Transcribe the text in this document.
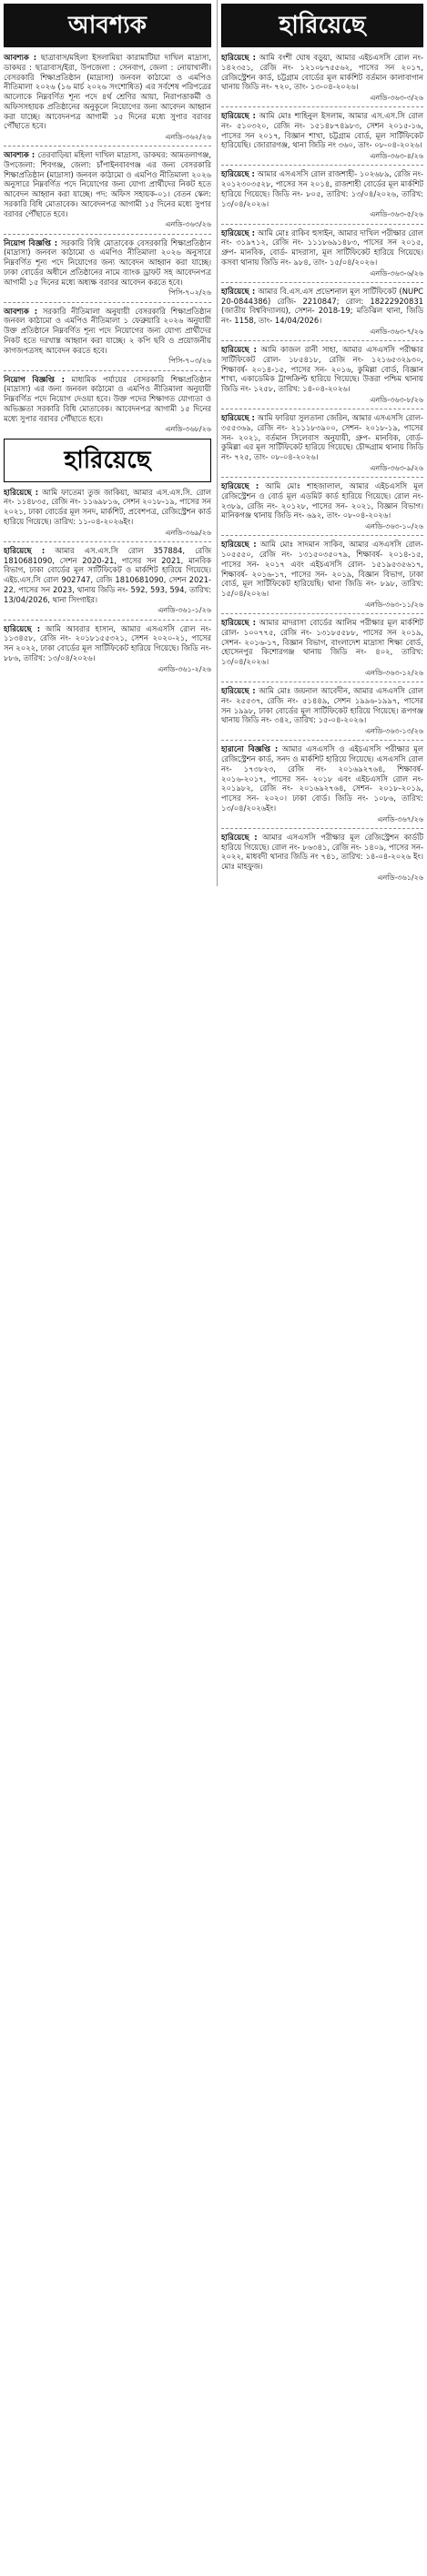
আবশ্যক
আবশ্যক : ছাত্রাবাস/মহিলা ইসলামিয়া কারামাটিয়া দাখিল মাদ্রাসা, ডাকঘর : ছাত্রাবাস/ইরা, উপজেলা : সেনবাগ, জেলা : নোয়াখালী। বেসরকারি শিক্ষাপ্রতিষ্ঠান (মাদ্রাসা) জনবল কাঠামো ও এমপিও নীতিমালা ২০২৬ (১৬ মার্চ ২০২৬ সংশোধিত) এর সর্বশেষ পরিপত্রের আলোকে নিম্নবর্ণিত শূন্য পদে ৪র্থ শ্রেণির আয়া, নিরাপত্তাকর্মী ও অফিসসহায়ক প্রতিষ্ঠানের অনুকূলে নিয়োগের জন্য আবেদন আহ্বান করা যাচ্ছে। আবেদনপত্র আগামী ১৫ দিনের মধ্যে সুপার বরাবর পৌঁছাতে হবে।
এনডি-৩৬২/২৬
আবশ্যক : তেরবাড়িয়া মহিলা দাখিল মাদ্রাসা, ডাকঘর: আমতলাগঞ্জ, উপজেলা: শিবগঞ্জ, জেলা: চাঁপাইনবাবগঞ্জ এর জন্য বেসরকারি শিক্ষাপ্রতিষ্ঠান (মাদ্রাসা) জনবল কাঠামো ও এমপিও নীতিমালা ২০২৬ অনুসারে নিম্নবর্ণিত পদে নিয়োগের জন্য যোগ্য প্রার্থীদের নিকট হতে আবেদন আহ্বান করা যাচ্ছে। পদ: অফিস সহায়ক-০১। বেতন স্কেল: সরকারি বিধি মোতাবেক। আবেদনপত্র আগামী ১৫ দিনের মধ্যে সুপার বরাবর পৌঁছাতে হবে।
এনডি-৩৬৩/২৬
নিয়োগ বিজ্ঞপ্তি : সরকারি বিধি মোতাবেক বেসরকারি শিক্ষাপ্রতিষ্ঠান (মাদ্রাসা) জনবল কাঠামো ও এমপিও নীতিমালা ২০২৬ অনুসারে নিম্নবর্ণিত শূন্য পদে নিয়োগের জন্য আবেদন আহ্বান করা যাচ্ছে। ঢাকা বোর্ডের অধীনে প্রতিষ্ঠানের নামে ব্যাংক ড্রাফট সহ আবেদনপত্র আগামী ১৫ দিনের মধ্যে অধ্যক্ষ বরাবর আবেদন করতে হবে।
পিসি-৭০২/২৬
আবশ্যক : সরকারি নীতিমালা অনুযায়ী বেসরকারি শিক্ষাপ্রতিষ্ঠান জনবল কাঠামো ও এমপিও নীতিমালা ১ ফেব্রুয়ারি ২০২৬ অনুযায়ী উক্ত প্রতিষ্ঠানে নিম্নবর্ণিত শূন্য পদে নিয়োগের জন্য যোগ্য প্রার্থীদের নিকট হতে দরখাস্ত আহ্বান করা যাচ্ছে। ২ কপি ছবি ও প্রয়োজনীয় কাগজপত্রসহ আবেদন করতে হবে।
পিসি-৭০৩/২৬
নিয়োগ বিজ্ঞপ্তি : মাধ্যমিক পর্যায়ের বেসরকারি শিক্ষাপ্রতিষ্ঠান (মাদ্রাসা) এর জন্য জনবল কাঠামো ও এমপিও নীতিমালা অনুযায়ী নিম্নবর্ণিত পদে নিয়োগ দেওয়া হবে। উক্ত পদের শিক্ষাগত যোগ্যতা ও অভিজ্ঞতা সরকারি বিধি মোতাবেক। আবেদনপত্র আগামী ১৫ দিনের মধ্যে সুপার বরাবর পৌঁছাতে হবে।
এনডি-৩৬৮/২৬
হারিয়েছে
হারিয়েছে : আমি ফাতেমা তুজ জাকিয়া, আমার এস.এস.সি. রোল নং- ১১৪৮৩৫, রেজি নং- ১১৬৯৮১৬, সেশন ২০১৮-১৯, পাসের সন ২০২১, ঢাকা বোর্ডের মূল সনদ, মার্কশিট, প্রবেশপত্র, রেজিস্ট্রেশন কার্ড হারিয়ে গিয়েছে। তারিখ: ১১-০৪-২০২৬ইং।
এনডি-৩৬৯/২৬
হারিয়েছে : আমার এস.এস.সি রোল 357884, রেজি 1810681090, সেশন 2020-21, পাসের সন 2021, মানবিক বিভাগ, ঢাকা বোর্ডের মূল সার্টিফিকেট ও মার্কশিট হারিয়ে গিয়েছে। এইচ.এস.সি রোল 902747, রেজি 1810681090, সেশন 2021-22, পাসের সন 2023, থানায় জিডি নং- 592, 593, 594, তারিখ: 13/04/2026, থানা সিংগাইর।
এনডি-৩৬১-১/২৬
হারিয়েছে : আমি আবরার হাসান, আমার এসএসসি রোল নং- ১১৩৪৫৮, রেজি নং- ২০১৮১৫৫৩২১, সেশন ২০২০-২১, পাসের সন ২০২২, ঢাকা বোর্ডের মূল সার্টিফিকেট হারিয়ে গিয়েছে। জিডি নং- ৮৮৬, তারিখ: ১৩/০৪/২০২৬।
এনডি-৩৬১-২/২৬
হারিয়েছে
হারিয়েছে : আমি বংশী ঘোষ বড়ুয়া, আমার এইচএসসি রোল নং- ১৪২৩৫১, রেজি নং- ১২১০৮৭৫৫৬২, পাসের সন ২০১৭, রেজিস্ট্রেশন কার্ড, চট্টগ্রাম বোর্ডের মূল মার্কশিট বর্তমান কালাবাগান থানায় জিডি নং- ৭২০, তাং- ১৩-০৪-২০২৬।
এনডি-৩৬৩-৩/২৬
হারিয়েছে : আমি মোঃ শাহিনুল ইসলাম, আমার এস.এস.সি রোল নং- ৫১০৩২০, রেজি নং- ১৫১৪৮৭৪৯৮৩, সেশন ২০১৫-১৬, পাসের সন ২০১৭, বিজ্ঞান শাখা, চট্টগ্রাম বোর্ড, মূল সার্টিফিকেট হারিয়েছি। জোরারগঞ্জ, থানা জিডি নং ৩৬০, তাং- ০৮-০৪-২০২৬।
এনডি-৩৬৩-৪/২৬
হারিয়েছে : আমার এসএসসি রোল রাজশাহী- ১০২৬৮৯, রেজি নং- ২০১২৩০৩৫২৮, পাসের সন ২০১৪, রাজশাহী বোর্ডের মূল মার্কশিট হারিয়ে গিয়েছে। জিডি নং- ৮০৫, তারিখ: ১৩/০৪/২০২৬, তারিখ: ১৩/০৪/২০২৬।
এনডি-৩৬৩-৫/২৬
হারিয়েছে : আমি মোঃ রাকিব হুসাইন, আমার দাখিল পরীক্ষার রোল নং- ৩১৯৭১২, রেজি নং- ১১১৮৬৯১৪৮৩, পাসের সন ২০১৫, গ্রুপ- মানবিক, বোর্ড- মাদরাসা, মূল সার্টিফিকেট হারিয়ে গিয়েছে। কসবা থানায় জিডি নং- ৯৮৪, তাং- ১৫/০৪/২০২৬।
এনডি-৩৬৩-৬/২৬
হারিয়েছে : আমার বি.এস.এস প্রভেশনাল মূল সার্টিফিকেট (NUPC 20-0844386) রেজি- 2210847; রোল: 18222920831 (জাতীয় বিশ্ববিদ্যালয়), সেশন- 2018-19; মতিঝিল থানা, জিডি নং- 1158, তাং- 14/04/2026।
এনডি-৩৬৩-৭/২৬
হারিয়েছে : আমি কাজল রানী সাহা, আমার এসএসসি পরীক্ষার সার্টিফিকেট রোল- ১৮৫৪১৮, রেজি নং- ১২১৬৫৩২৯৩০, শিক্ষাবর্ষ- ২০১৪-১৫, পাসের সন- ২০১৬, কুমিল্লা বোর্ড, বিজ্ঞান শাখা, একাডেমিক ট্রান্সক্রিপ্ট হারিয়ে গিয়েছে। উত্তরা পশ্চিম থানায় জিডি নং- ১২৫৮, তারিখ: ১৪-০৪-২০২৬।
এনডি-৩৬৩-৮/২৬
হারিয়েছে : আমি ফারিয়া সুলতানা জেরিন, আমার এসএসসি রোল- ৩৫৫৩৬৯, রেজি নং- ২১১১৮৩৯০০, সেশন- ২০১৮-১৯, পাসের সন- ২০২১, বর্তমান সিলেবাস অনুযায়ী, গ্রুপ- মানবিক, বোর্ড- কুমিল্লা এর মূল সার্টিফিকেট হারিয়ে গিয়েছে। চৌদ্দগ্রাম থানায় জিডি নং- ৭২৫, তাং- ০৮-০৪-২০২৬।
এনডি-৩৬৩-৯/২৬
হারিয়েছে : আমি মোঃ শাহজালাল, আমার এইচএসসি মূল রেজিস্ট্রেশন ও বোর্ড মূল এডমিট কার্ড হারিয়ে গিয়েছে। রোল নং- ২৩৮৯, রেজি নং- ২০১২৮, পাসের সন- ২০২১, বিজ্ঞান বিভাগ। মানিকগঞ্জ থানায় জিডি নং- ৬৯২, তাং- ০৮-০৪-২০২৬।
এনডি-৩৬৩-১০/২৬
হারিয়েছে : আমি মোঃ সাদমান সাকিব, আমার এসএসসি রোল- ১০৫৫৫০, রেজি নং- ১৩১৫০৩৫০৭৯, শিক্ষাবর্ষ- ২০১৪-১৫, পাসের সন- ২০১৭ এবং এইচএসসি রোল- ১৫১৯৫৩৫৬১৭, শিক্ষাবর্ষ- ২০১৬-১৭, পাসের সন- ২০১৯, বিজ্ঞান বিভাগ, ঢাকা বোর্ড, মূল সার্টিফিকেট হারিয়েছি। থানা জিডি নং- ৮৯৮, তারিখ: ১৫/০৪/২০২৬।
এনডি-৩৬৩-১১/২৬
হারিয়েছে : আমার মাদরাসা বোর্ডের আলিম পরীক্ষার মূল মার্কশিট রোল- ১০০৭৭৫, রেজি নং- ১৩১৮৫৫৮৮, পাসের সন ২০১৯, সেশন- ২০১৬-১৭, বিজ্ঞান বিভাগ, বাংলাদেশ মাদ্রাসা শিক্ষা বোর্ড, হোসেনপুর কিশোরগঞ্জ থানায় জিডি নং- ৪০২, তারিখ: ১৩/০৪/২০২৬।
এনডি-৩৬৩-১২/২৬
হারিয়েছে : আমি মোঃ জয়নাল আবেদীন, আমার এসএসসি রোল নং- ২৫৫৩৭, রেজি নং- ৫১৪৪৯, সেশন ১৯৯৬-১৯৯৭, পাসের সন ১৯৯৮, ঢাকা বোর্ডের মূল সার্টিফিকেট হারিয়ে গিয়েছে। রূপগঞ্জ থানায় জিডি নং- ৩৪২, তারিখ: ১৫-০৪-২০২৬।
এনডি-৩৬৩-১৩/২৬
হারানো বিজ্ঞপ্তি : আমার এসএসসি ও এইচএসসি পরীক্ষার মূল রেজিস্ট্রেশন কার্ড, সনদ ও মার্কশিট হারিয়ে গিয়েছে। এসএসসি রোল নং- ১৭৩৮২৩, রেজি নং- ২০১৬৯২৭৬৪, শিক্ষাবর্ষ- ২০১৬-২০১৭, পাসের সন- ২০১৮ এবং এইচএসসি রোল নং- ২০১৯৮২, রেজি নং- ২০১৬৯২৭৬৪, সেশন- ২০১৮-২০১৯, পাসের সন- ২০২০। ঢাকা বোর্ড। জিডি নং- ১০৮৬, তারিখ: ১৩/০৪/২০২৬ইং।
এনডি-৩৬৭/২৬
হারিয়েছে : আমার এসএসসি পরীক্ষার মূল রেজিস্ট্রেশন কার্ডটি হারিয়ে গিয়েছে। রোল নং- ৮৬৩৪১, রেজি নং- ১৪০৯, পাসের সন- ২০২২, মাধবদী থানার জিডি নং ৭৪১, তারিখ: ১৪-০৪-২০২৬ ইং। মোঃ মাহফুজ।
এনডি-৩৬১/২৬
